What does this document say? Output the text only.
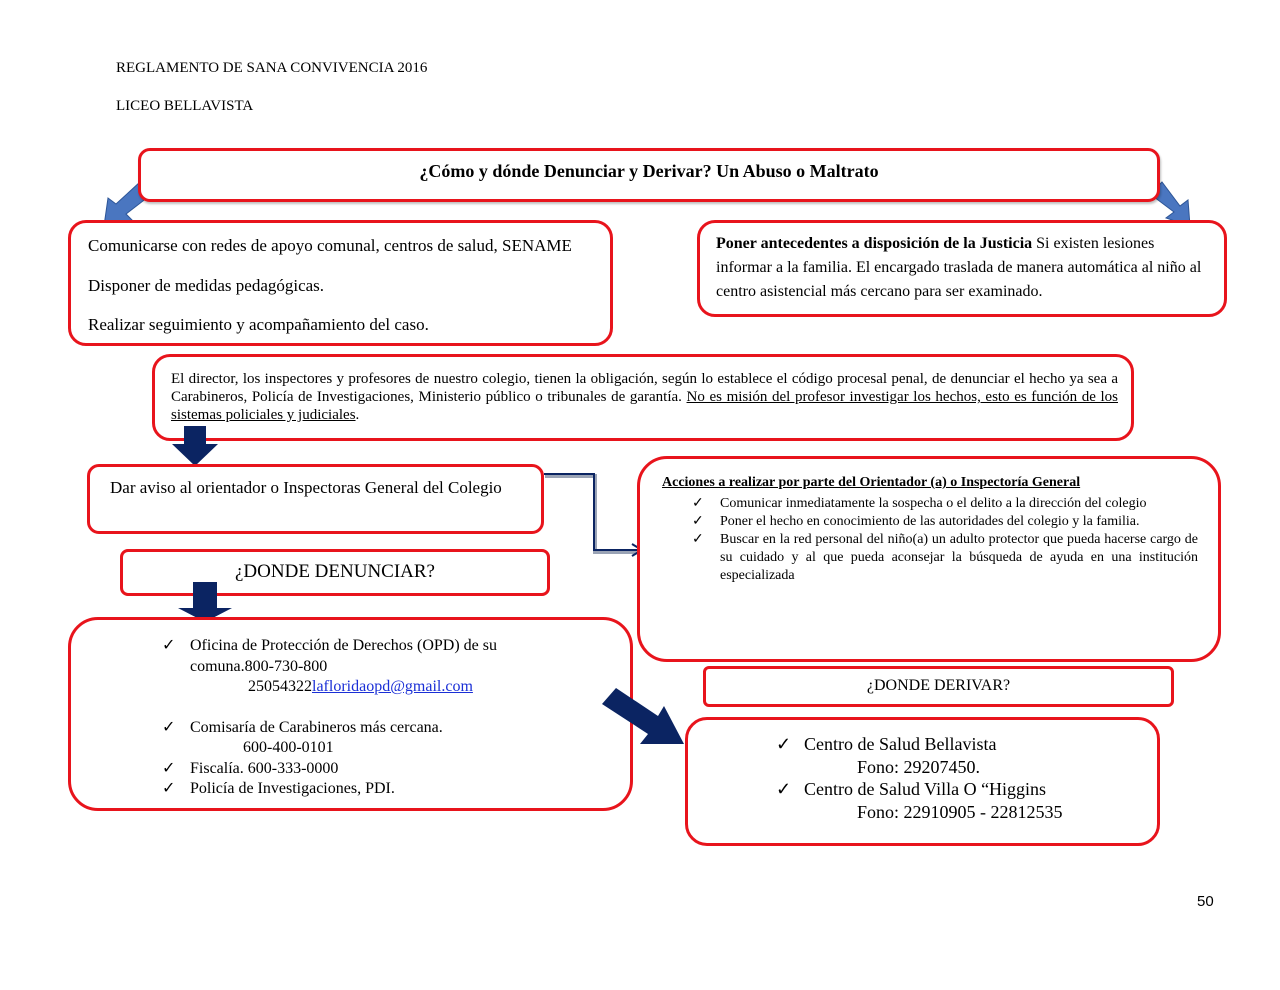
REGLAMENTO DE SANA CONVIVENCIA 2016
LICEO BELLAVISTA
¿Cómo y dónde Denunciar y Derivar? Un Abuso o Maltrato
Comunicarse con redes de apoyo comunal, centros de salud, SENAME
Disponer de medidas pedagógicas.
Realizar seguimiento y acompañamiento del caso.
Poner antecedentes a disposición de la Justicia Si existen lesiones informar a la familia. El encargado traslada de manera automática al niño al centro asistencial más cercano para ser examinado.
El director, los inspectores y profesores de nuestro colegio, tienen la obligación, según lo establece el código procesal penal, de denunciar el hecho ya sea a Carabineros, Policía de Investigaciones, Ministerio público o tribunales de garantía. No es misión del profesor investigar los hechos, esto es función de los sistemas policiales y judiciales.
Dar aviso al orientador o Inspectoras General del Colegio
¿DONDE DENUNCIAR?
Acciones a realizar por parte del Orientador (a) o Inspectoría General
✓	Comunicar inmediatamente la sospecha o el delito a la dirección del colegio
✓	Poner el hecho en conocimiento de las autoridades del colegio y la familia.
✓	Buscar en la red personal del niño(a) un adulto protector que pueda hacerse cargo de su cuidado y al que pueda aconsejar la búsqueda de ayuda en una institución especializada
✓ Oficina de Protección de Derechos (OPD) de su
comuna.800-730-800
25054322lafloridaopd@gmail.com
✓ Comisaría de Carabineros más cercana.
600-400-0101
✓ Fiscalía. 600-333-0000
✓ Policía de Investigaciones, PDI.
¿DONDE DERIVAR?
✓ Centro de Salud Bellavista
Fono: 29207450.
✓ Centro de Salud Villa O “Higgins
Fono: 22910905 - 22812535
50
